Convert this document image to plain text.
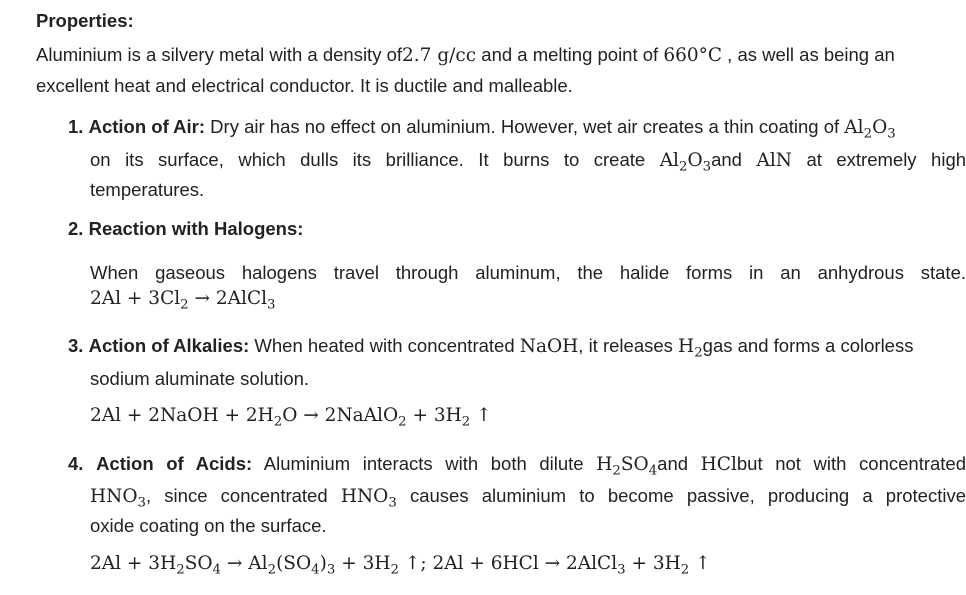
Properties:
Aluminium is a silvery metal with a density of2.7 g/cc and a melting point of 660°C , as well as being an
excellent heat and electrical conductor. It is ductile and malleable.
1. Action of Air: Dry air has no effect on aluminium. However, wet air creates a thin coating of $Al_2O_3$
on its surface, which dulls its brilliance. It burns to create $Al_2O_3and$ AlN at extremely high
temperatures.
2. Reaction with Halogens:
When gaseous halogens travel through aluminum, the halide forms in an anhydrous state.
$2Al + 3Cl_2$ → 2AlCl$_3$
3. Action of Alkalies: When heated with concentrated NaOH, it releases $H_2gas$ and forms a colorless
sodium aluminate solution.
2Al + 2NaOH + $2H_2O$ → 2NaAlO$_2$ + $3H_2$ ↑
4. Action of Acids: Aluminium interacts with both dilute $H_2SO_4and$ HClbut not with concentrated
$HNO_3$, since concentrated $HNO_3$ causes aluminium to become passive, producing a protective
oxide coating on the surface.
$2Al + 3H_2SO_4 \to Al_2(SO_4)_3 + 3H_2$ ↑; 2Al + 6HCl → 2AlCl$_3$ + $3H_2$ ↑
